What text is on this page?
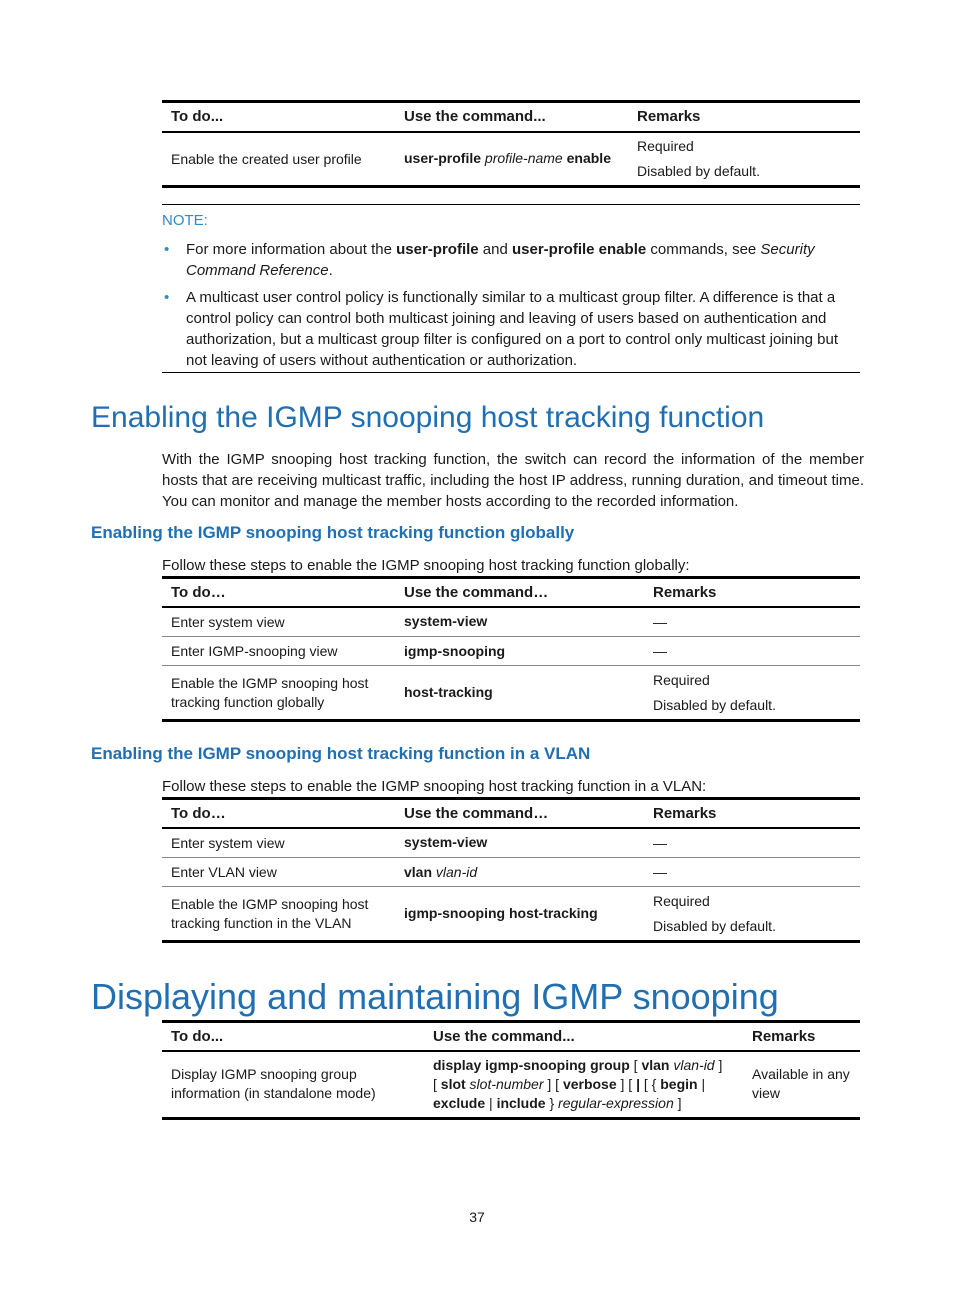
To do...	Use the command...	Remarks
Enable the created user profile	user-profile profile-name enable	Required
Disabled by default.
NOTE:
• For more information about the user-profile and user-profile enable commands, see Security Command Reference.
• A multicast user control policy is functionally similar to a multicast group filter. A difference is that a control policy can control both multicast joining and leaving of users based on authentication and authorization, but a multicast group filter is configured on a port to control only multicast joining but not leaving of users without authentication or authorization.
Enabling the IGMP snooping host tracking function

With the IGMP snooping host tracking function, the switch can record the information of the member hosts that are receiving multicast traffic, including the host IP address, running duration, and timeout time. You can monitor and manage the member hosts according to the recorded information.

Enabling the IGMP snooping host tracking function globally

Follow these steps to enable the IGMP snooping host tracking function globally:

To do…	Use the command…	Remarks
Enter system view	system-view	—
Enter IGMP-snooping view	igmp-snooping	—
Enable the IGMP snooping host tracking function globally	host-tracking	Required
Disabled by default.
Enabling the IGMP snooping host tracking function in a VLAN

Follow these steps to enable the IGMP snooping host tracking function in a VLAN:

To do…	Use the command…	Remarks
Enter system view	system-view	—
Enter VLAN view	vlan vlan-id	—
Enable the IGMP snooping host tracking function in the VLAN	igmp-snooping host-tracking	Required
Disabled by default.
Displaying and maintaining IGMP snooping
To do...	Use the command...	Remarks
Display IGMP snooping group information (in standalone mode)	display igmp-snooping group [ vlan vlan-id ]
[ slot slot-number ] [ verbose ] [ | [ { begin |
exclude | include } regular-expression ]	Available in any view
37
